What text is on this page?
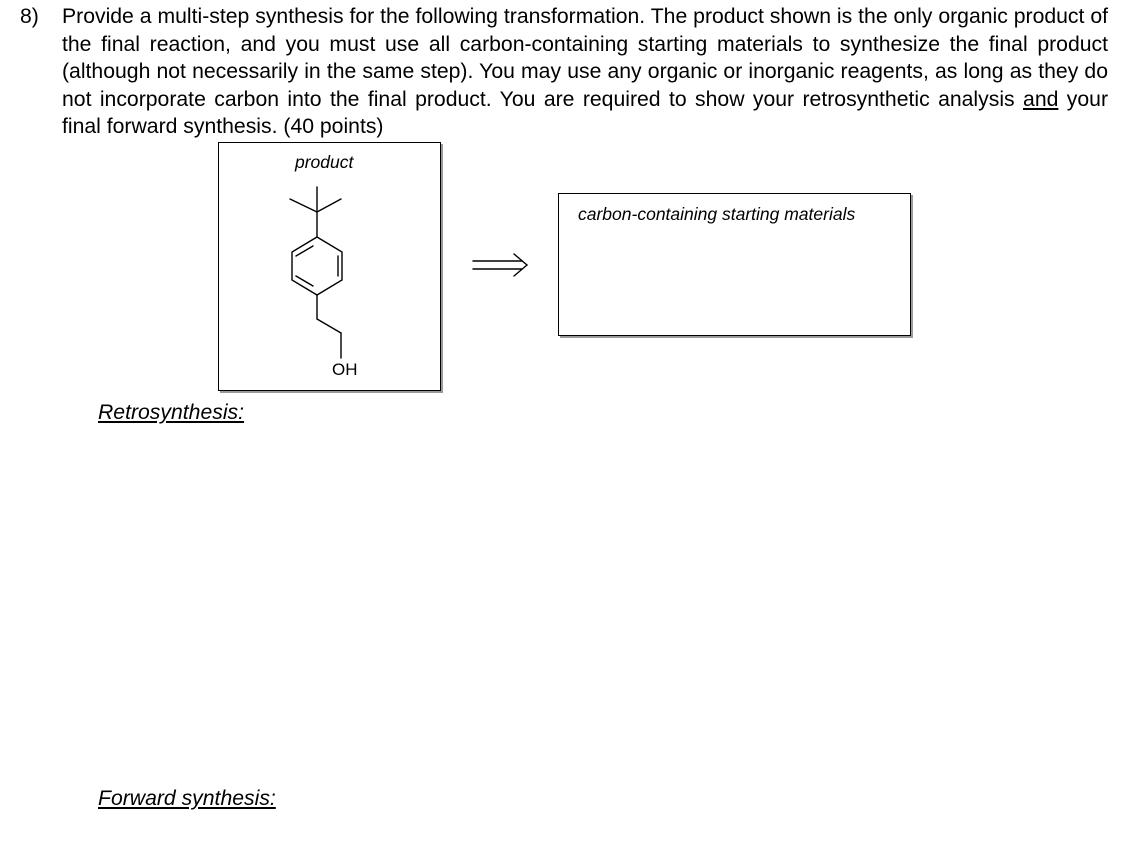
8) Provide a multi-step synthesis for the following transformation. The product shown is the only organic product of the final reaction, and you must use all carbon-containing starting materials to synthesize the final product (although not necessarily in the same step). You may use any organic or inorganic reagents, as long as they do not incorporate carbon into the final product. You are required to show your retrosynthetic analysis and your final forward synthesis. (40 points)
product
OH
carbon-containing starting materials
Retrosynthesis:
Forward synthesis:
